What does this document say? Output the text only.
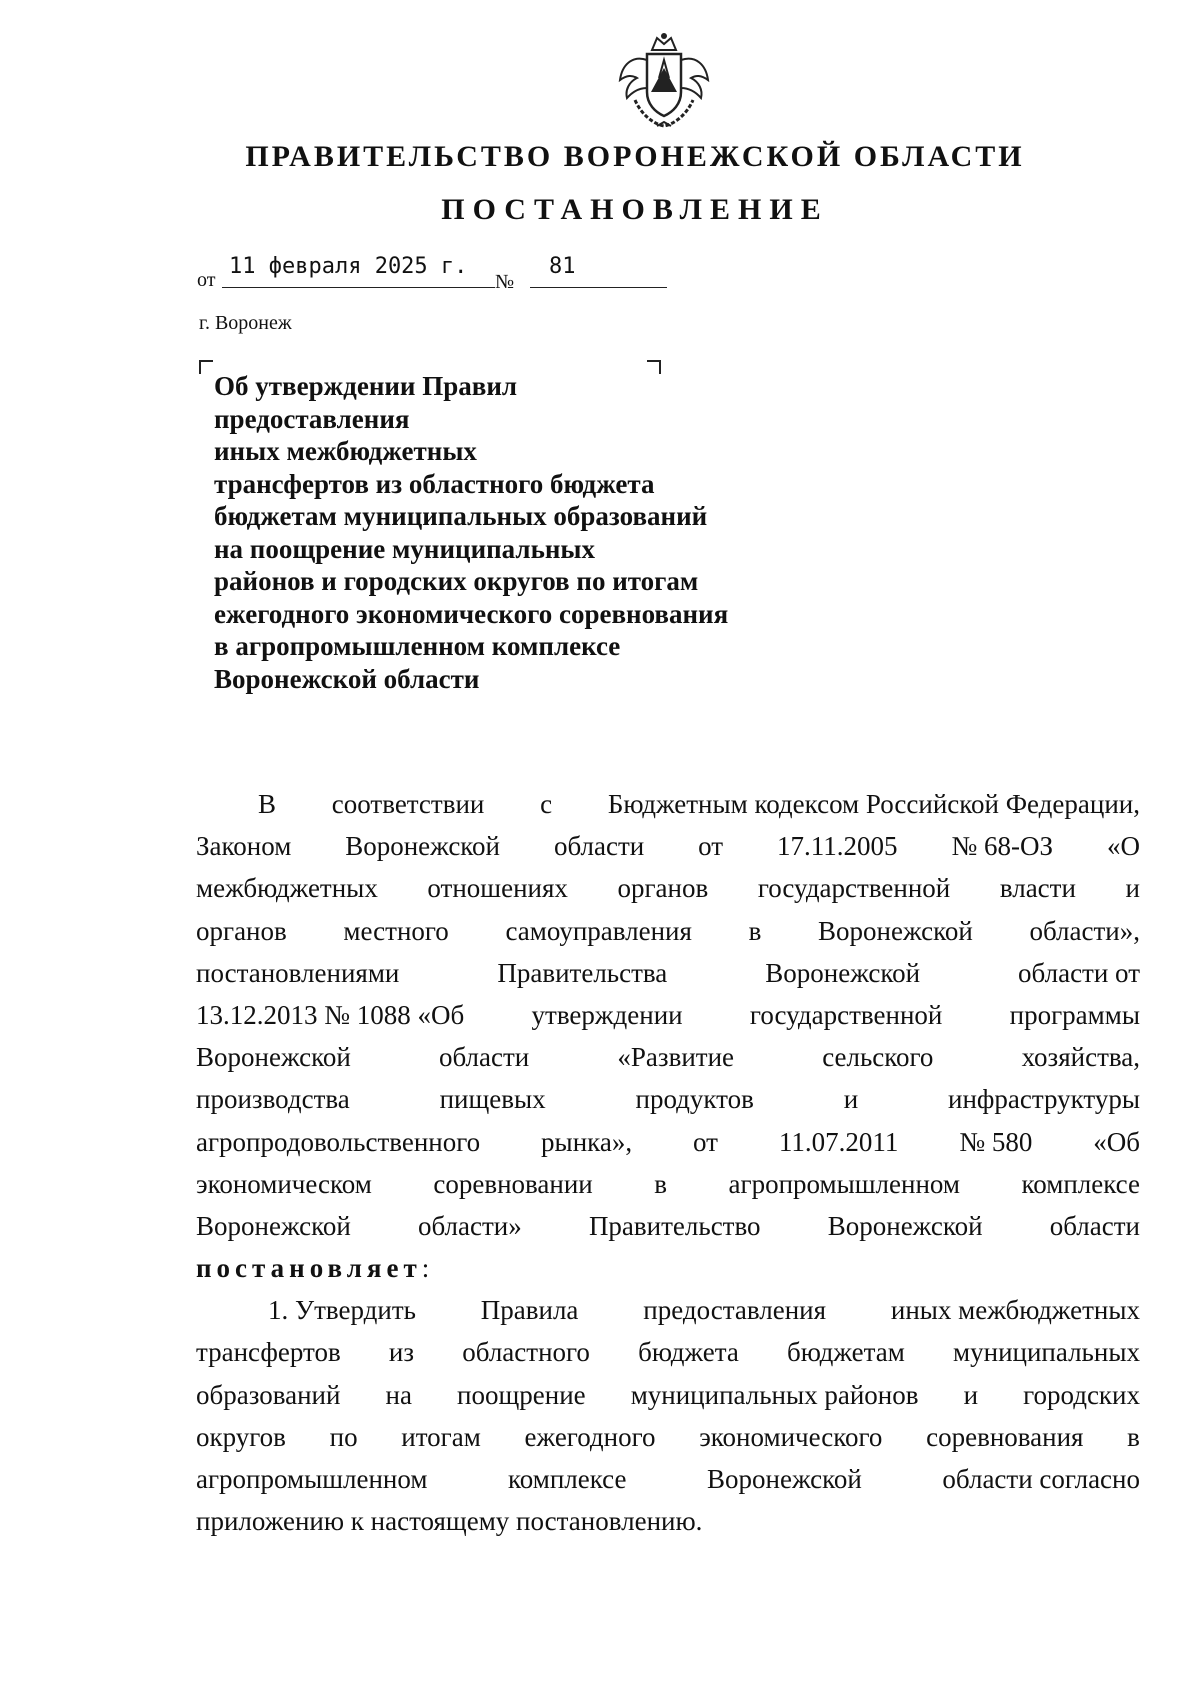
ПРАВИТЕЛЬСТВО ВОРОНЕЖСКОЙ ОБЛАСТИ
ПОСТАНОВЛЕНИЕ
от
11 февраля 2025 г.
№
81
г. Воронеж
Об утверждении Правил
предоставления
иных межбюджетных
трансфертов из областного бюджета
бюджетам муниципальных образований
на поощрение муниципальных
районов и городских округов по итогам
ежегодного экономического соревнования
в агропромышленном комплексе
Воронежской области
В соответствии с Бюджетным кодексом Российской Федерации,
Законом Воронежской области от 17.11.2005 № 68-ОЗ «О
межбюджетных отношениях органов государственной власти и
органов местного самоуправления в Воронежской области»,
постановлениями	Правительства	Воронежской	области от
13.12.2013 № 1088 «Об утверждении государственной программы
Воронежской	области	«Развитие	сельского	хозяйства,
производства	пищевых	продуктов	и	инфраструктуры
агропродовольственного рынка», от 11.07.2011 № 580 «Об
экономическом соревновании в агропромышленном комплексе
Воронежской области» Правительство Воронежской области
постановляет :
1. Утвердить Правила предоставления иных межбюджетных
трансфертов из областного бюджета бюджетам муниципальных
образований на поощрение муниципальных районов и городских
округов по итогам ежегодного экономического соревнования в
агропромышленном	комплексе	Воронежской	области согласно
приложению к настоящему постановлению.
